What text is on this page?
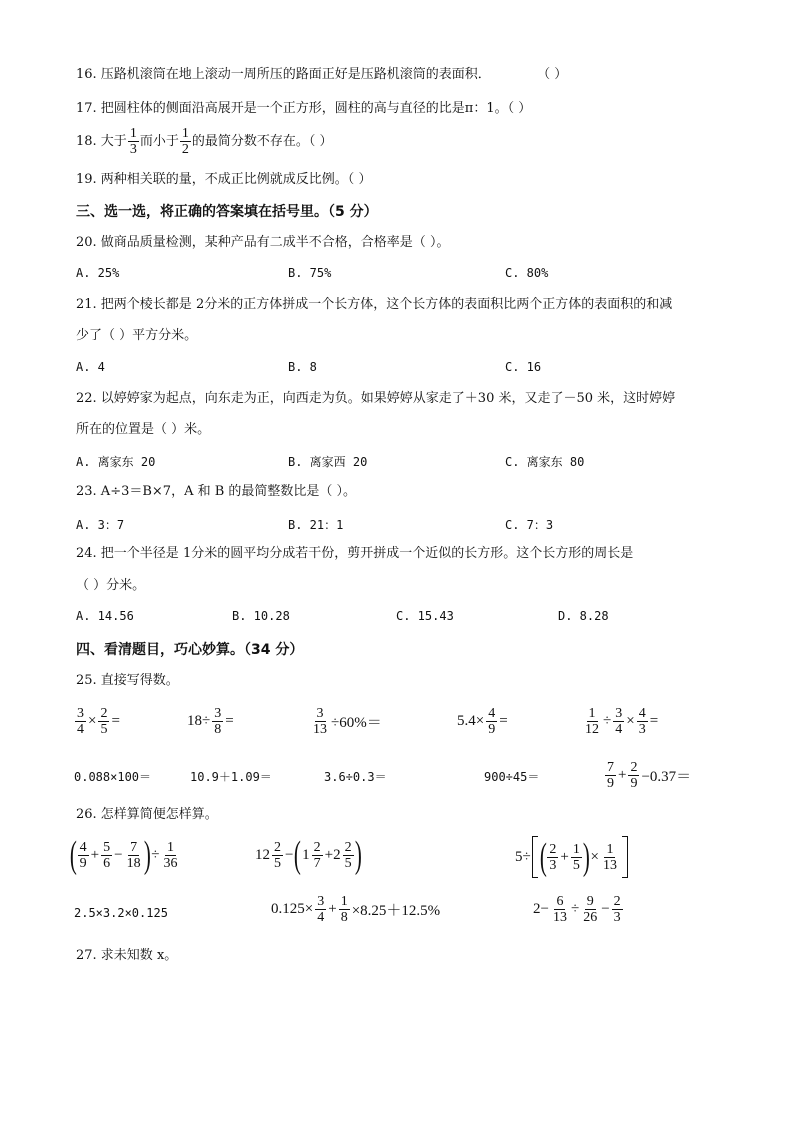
16. 压路机滚筒在地上滚动一周所压的路面正好是压路机滚筒的表面积．	（ ）
17. 把圆柱体的侧面沿高展开是一个正方形，圆柱的高与直径的比是π：1。（ ）
18. 大于 $\frac{1}{3}$ 而小于 $\frac{1}{2}$ 的最简分数不存在。（ ）
19. 两种相关联的量，不成正比例就成反比例。（ ）
三、选一选，将正确的答案填在括号里。（5 分）
20. 做商品质量检测，某种产品有二成半不合格，合格率是（ ）。
A. 25%	B. 75%	C. 80%
21. 把两个棱长都是 2分米的正方体拼成一个长方体，这个长方体的表面积比两个正方体的表面积的和减
少了（ ）平方分米。
A. 4	B. 8	C. 16
22. 以婷婷家为起点，向东走为正，向西走为负。如果婷婷从家走了＋30 米，又走了－50 米，这时婷婷
所在的位置是（ ）米。
A. 离家东 20	B. 离家西 20	C. 离家东 80
23. A÷3＝B×7，A 和 B 的最简整数比是（ ）。
A. 3：7	B. 21：1	C. 7：3
24. 把一个半径是 1分米的圆平均分成若干份，剪开拼成一个近似的长方形。这个长方形的周长是
（ ）分米。
A. 14.56	B. 10.28	C. 15.43	D. 8.28
四、看清题目，巧心妙算。（34 分）
25. 直接写得数。
$\frac{3}{4} \times \frac{2}{5}$ =	$18\div \frac{3}{8}$ =	$\frac{3}{13} \div 60\%=$	$5.4\times \frac{4}{9}$ =	$\frac{1}{12} \div \frac{3}{4} \times \frac{4}{3}$ =
0.088×100＝	10.9＋1.09＝	3.6÷0.3＝	900÷45＝	$\frac{7}{9} + \frac{2}{9} -0.37=$
26. 怎样算简便怎样算。
( $\frac{4}{9} + \frac{5}{6} - \frac{7}{18}$ ) ÷ $\frac{1}{36}$	$12 \frac{2}{5}$ − ( $1 \frac{2}{7} +2 \frac{2}{5}$ )	5÷ ( $\frac{2}{3} + \frac{1}{5}$ ) × $\frac{1}{13}$
2.5×3.2×0.125	$0.125\times \frac{3}{4} + \frac{1}{8} \times 8.25+12.5\%$	$2- \frac{6}{13} \div \frac{9}{26} - \frac{2}{3}$
27. 求未知数 x。
